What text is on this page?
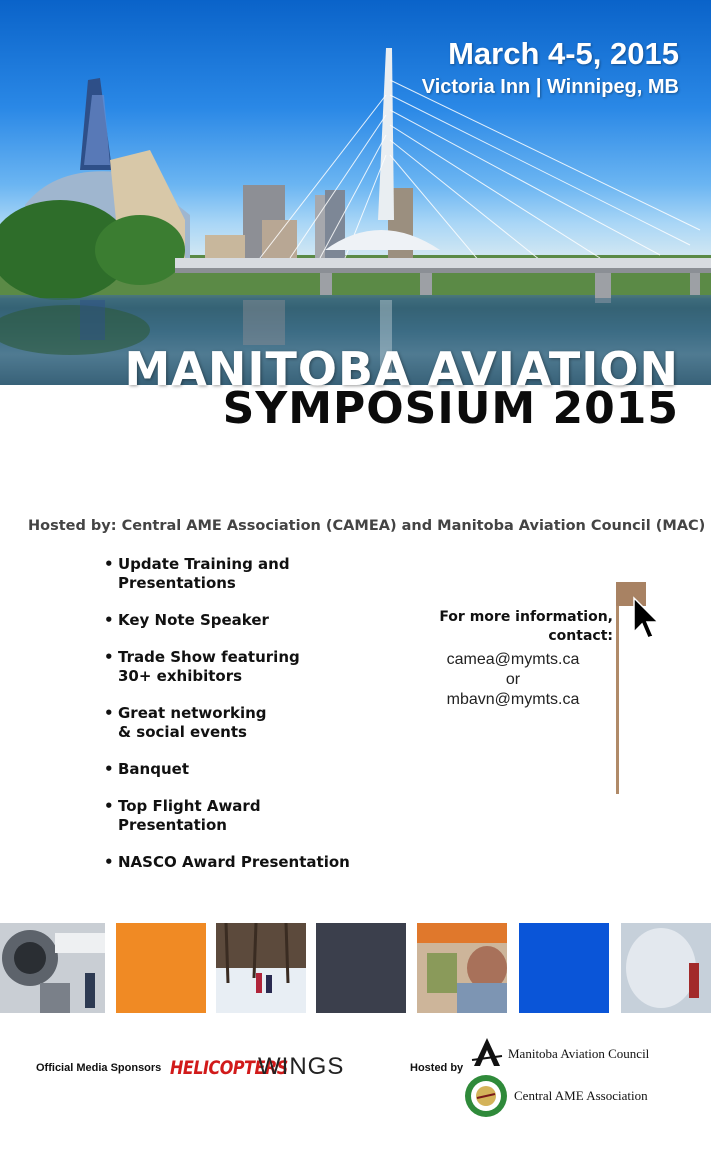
March 4-5, 2015
Victoria Inn | Winnipeg, MB
MANITOBA AVIATION
SYMPOSIUM 2015
Hosted by: Central AME Association (CAMEA) and Manitoba Aviation Council (MAC)
• Update Training and
Presentations
• Key Note Speaker
• Trade Show featuring
30+ exhibitors
• Great networking
& social events
• Banquet
• Top Flight Award
Presentation
• NASCO Award Presentation
For more information,
contact:
camea@mymts.ca
or
mbavn@mymts.ca
Official Media Sponsors HELICOPTERS
WINGS	Hosted by
Manitoba Aviation Council
Central AME Association
